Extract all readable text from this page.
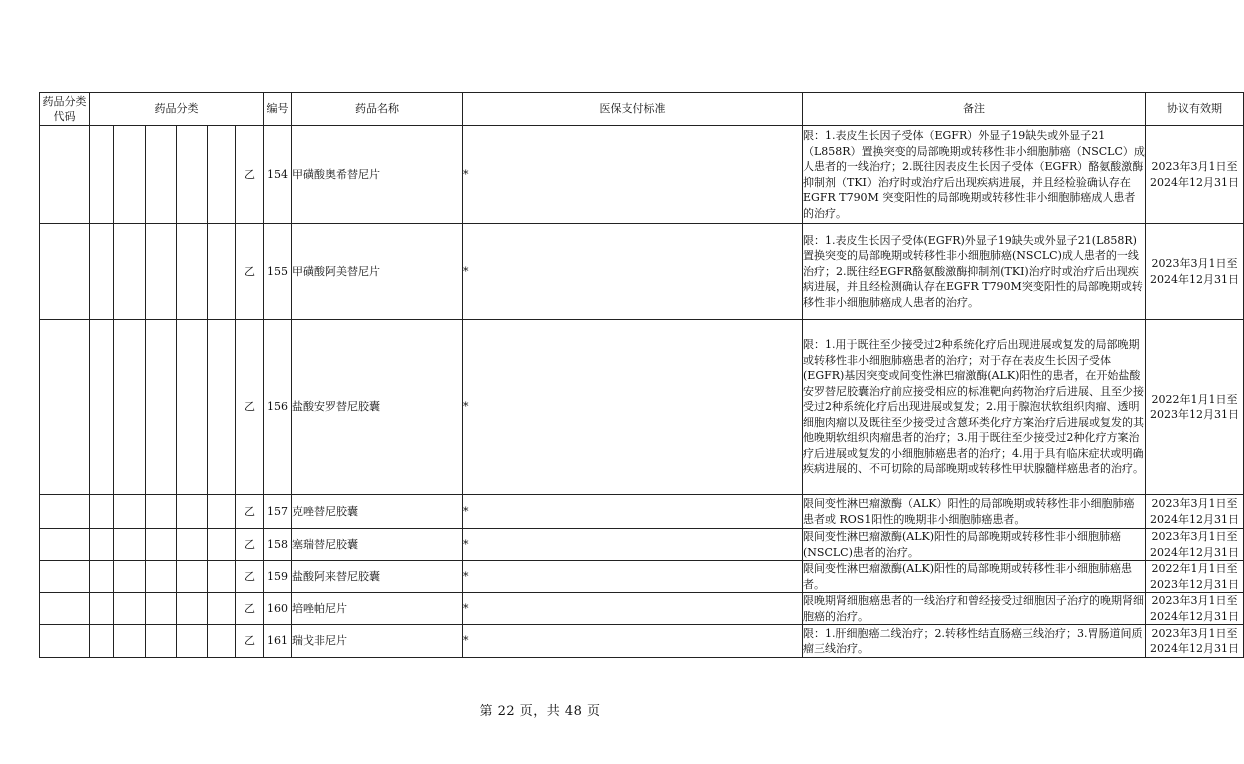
药品分类代码	药品分类						编号	药品名称	医保支付标准	备注	协议有效期
						乙	154	甲磺酸奥希替尼片	*	限：1.表皮生长因子受体（EGFR）外显子19缺失或外显子21（L858R）置换突变的局部晚期或转移性非小细胞肺癌（NSCLC）成人患者的一线治疗；2.既往因表皮生长因子受体（EGFR）酪氨酸激酶抑制剂（TKI）治疗时或治疗后出现疾病进展，并且经检验确认存在EGFR T790M 突变阳性的局部晚期或转移性非小细胞肺癌成人患者的治疗。	2023年3月1日至2024年12月31日
						乙	155	甲磺酸阿美替尼片	*	限：1.表皮生长因子受体(EGFR)外显子19缺失或外显子21(L858R)置换突变的局部晚期或转移性非小细胞肺癌(NSCLC)成人患者的一线治疗；2.既往经EGFR酪氨酸激酶抑制剂(TKI)治疗时或治疗后出现疾病进展，并且经检测确认存在EGFR T790M突变阳性的局部晚期或转移性非小细胞肺癌成人患者的治疗。	2023年3月1日至2024年12月31日
						乙	156	盐酸安罗替尼胶囊	*	限：1.用于既往至少接受过2种系统化疗后出现进展或复发的局部晚期或转移性非小细胞肺癌患者的治疗；对于存在表皮生长因子受体(EGFR)基因突变或间变性淋巴瘤激酶(ALK)阳性的患者，在开始盐酸安罗替尼胶囊治疗前应接受相应的标准靶向药物治疗后进展、且至少接受过2种系统化疗后出现进展或复发；2.用于腺泡状软组织肉瘤、透明细胞肉瘤以及既往至少接受过含蒽环类化疗方案治疗后进展或复发的其他晚期软组织肉瘤患者的治疗；3.用于既往至少接受过2种化疗方案治疗后进展或复发的小细胞肺癌患者的治疗；4.用于具有临床症状或明确疾病进展的、不可切除的局部晚期或转移性甲状腺髓样癌患者的治疗。	2022年1月1日至2023年12月31日
						乙	157	克唑替尼胶囊	*	限间变性淋巴瘤激酶（ALK）阳性的局部晚期或转移性非小细胞肺癌患者或 ROS1阳性的晚期非小细胞肺癌患者。	2023年3月1日至2024年12月31日
						乙	158	塞瑞替尼胶囊	*	限间变性淋巴瘤激酶(ALK)阳性的局部晚期或转移性非小细胞肺癌(NSCLC)患者的治疗。	2023年3月1日至2024年12月31日
						乙	159	盐酸阿来替尼胶囊	*	限间变性淋巴瘤激酶(ALK)阳性的局部晚期或转移性非小细胞肺癌患者。	2022年1月1日至2023年12月31日
						乙	160	培唑帕尼片	*	限晚期肾细胞癌患者的一线治疗和曾经接受过细胞因子治疗的晚期肾细胞癌的治疗。	2023年3月1日至2024年12月31日
						乙	161	瑞戈非尼片	*	限：1.肝细胞癌二线治疗；2.转移性结直肠癌三线治疗；3.胃肠道间质瘤三线治疗。	2023年3月1日至2024年12月31日
第 22 页，共 48 页
